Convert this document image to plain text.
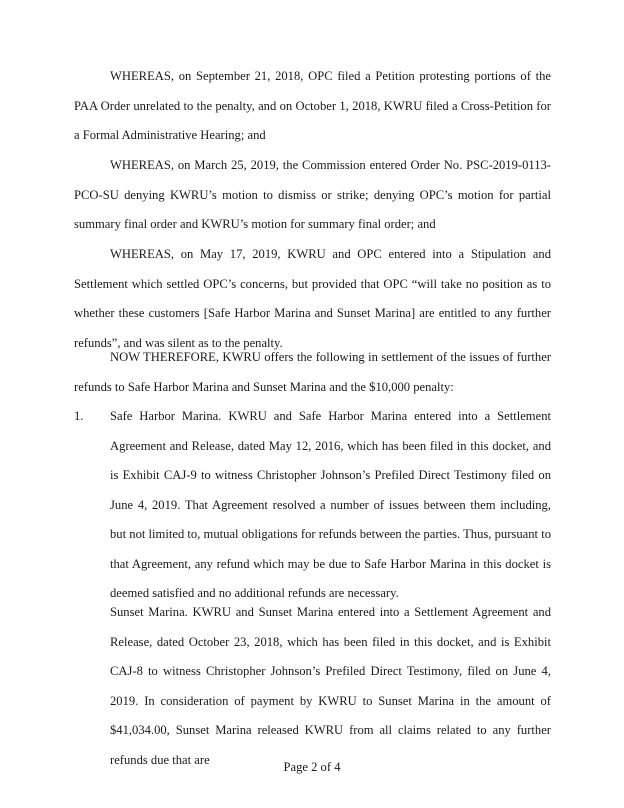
WHEREAS, on September 21, 2018, OPC filed a Petition protesting portions of the PAA Order unrelated to the penalty, and on October 1, 2018, KWRU filed a Cross-Petition for a Formal Administrative Hearing; and

WHEREAS, on March 25, 2019, the Commission entered Order No. PSC-2019-0113-PCO-SU denying KWRU’s motion to dismiss or strike; denying OPC’s motion for partial summary final order and KWRU’s motion for summary final order; and

WHEREAS, on May 17, 2019, KWRU and OPC entered into a Stipulation and Settlement which settled OPC’s concerns, but provided that OPC “will take no position as to whether these customers [Safe Harbor Marina and Sunset Marina] are entitled to any further refunds”, and was silent as to the penalty.

NOW THEREFORE, KWRU offers the following in settlement of the issues of further refunds to Safe Harbor Marina and Sunset Marina and the $10,000 penalty:

1. Safe Harbor Marina. KWRU and Safe Harbor Marina entered into a Settlement Agreement and Release, dated May 12, 2016, which has been filed in this docket, and is Exhibit CAJ-9 to witness Christopher Johnson’s Prefiled Direct Testimony filed on June 4, 2019. That Agreement resolved a number of issues between them including, but not limited to, mutual obligations for refunds between the parties. Thus, pursuant to that Agreement, any refund which may be due to Safe Harbor Marina in this docket is deemed satisfied and no additional refunds are necessary.

Sunset Marina. KWRU and Sunset Marina entered into a Settlement Agreement and Release, dated October 23, 2018, which has been filed in this docket, and is Exhibit CAJ-8 to witness Christopher Johnson’s Prefiled Direct Testimony, filed on June 4, 2019. In consideration of payment by KWRU to Sunset Marina in the amount of $41,034.00, Sunset Marina released KWRU from all claims related to any further refunds due that are

Page 2 of 4
